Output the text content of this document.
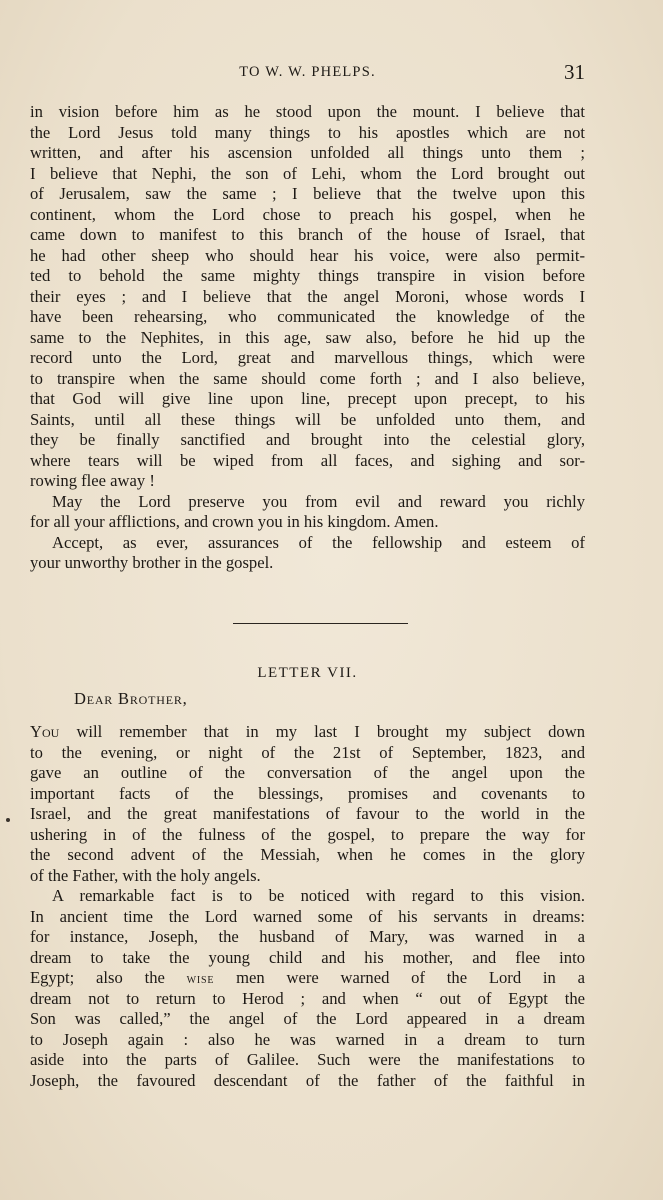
TO W. W. PHELPS.	31
in vision before him as he stood upon the mount. I believe that
the Lord Jesus told many things to his apostles which are not
written, and after his ascension unfolded all things unto them ;
I believe that Nephi, the son of Lehi, whom the Lord brought out
of Jerusalem, saw the same ; I believe that the twelve upon this
continent, whom the Lord chose to preach his gospel, when he
came down to manifest to this branch of the house of Israel, that
he had other sheep who should hear his voice, were also permit-
ted to behold the same mighty things transpire in vision before
their eyes ; and I believe that the angel Moroni, whose words I
have been rehearsing, who communicated the knowledge of the
same to the Nephites, in this age, saw also, before he hid up the
record unto the Lord, great and marvellous things, which were
to transpire when the same should come forth ; and I also believe,
that God will give line upon line, precept upon precept, to his
Saints, until all these things will be unfolded unto them, and
they be finally sanctified and brought into the celestial glory,
where tears will be wiped from all faces, and sighing and sor-
rowing flee away !
May the Lord preserve you from evil and reward you richly
for all your afflictions, and crown you in his kingdom. Amen.
Accept, as ever, assurances of the fellowship and esteem of
your unworthy brother in the gospel.
LETTER VII.
Dear Brother,
You will remember that in my last I brought my subject down
to the evening, or night of the 21st of September, 1823, and
gave an outline of the conversation of the angel upon the
important facts of the blessings, promises and covenants to
Israel, and the great manifestations of favour to the world in the
ushering in of the fulness of the gospel, to prepare the way for
the second advent of the Messiah, when he comes in the glory
of the Father, with the holy angels.
A remarkable fact is to be noticed with regard to this vision.
In ancient time the Lord warned some of his servants in dreams:
for instance, Joseph, the husband of Mary, was warned in a
dream to take the young child and his mother, and flee into
Egypt; also the wise men were warned of the Lord in a
dream not to return to Herod ; and when “ out of Egypt the
Son was called,” the angel of the Lord appeared in a dream
to Joseph again : also he was warned in a dream to turn
aside into the parts of Galilee. Such were the manifestations to
Joseph, the favoured descendant of the father of the faithful in
